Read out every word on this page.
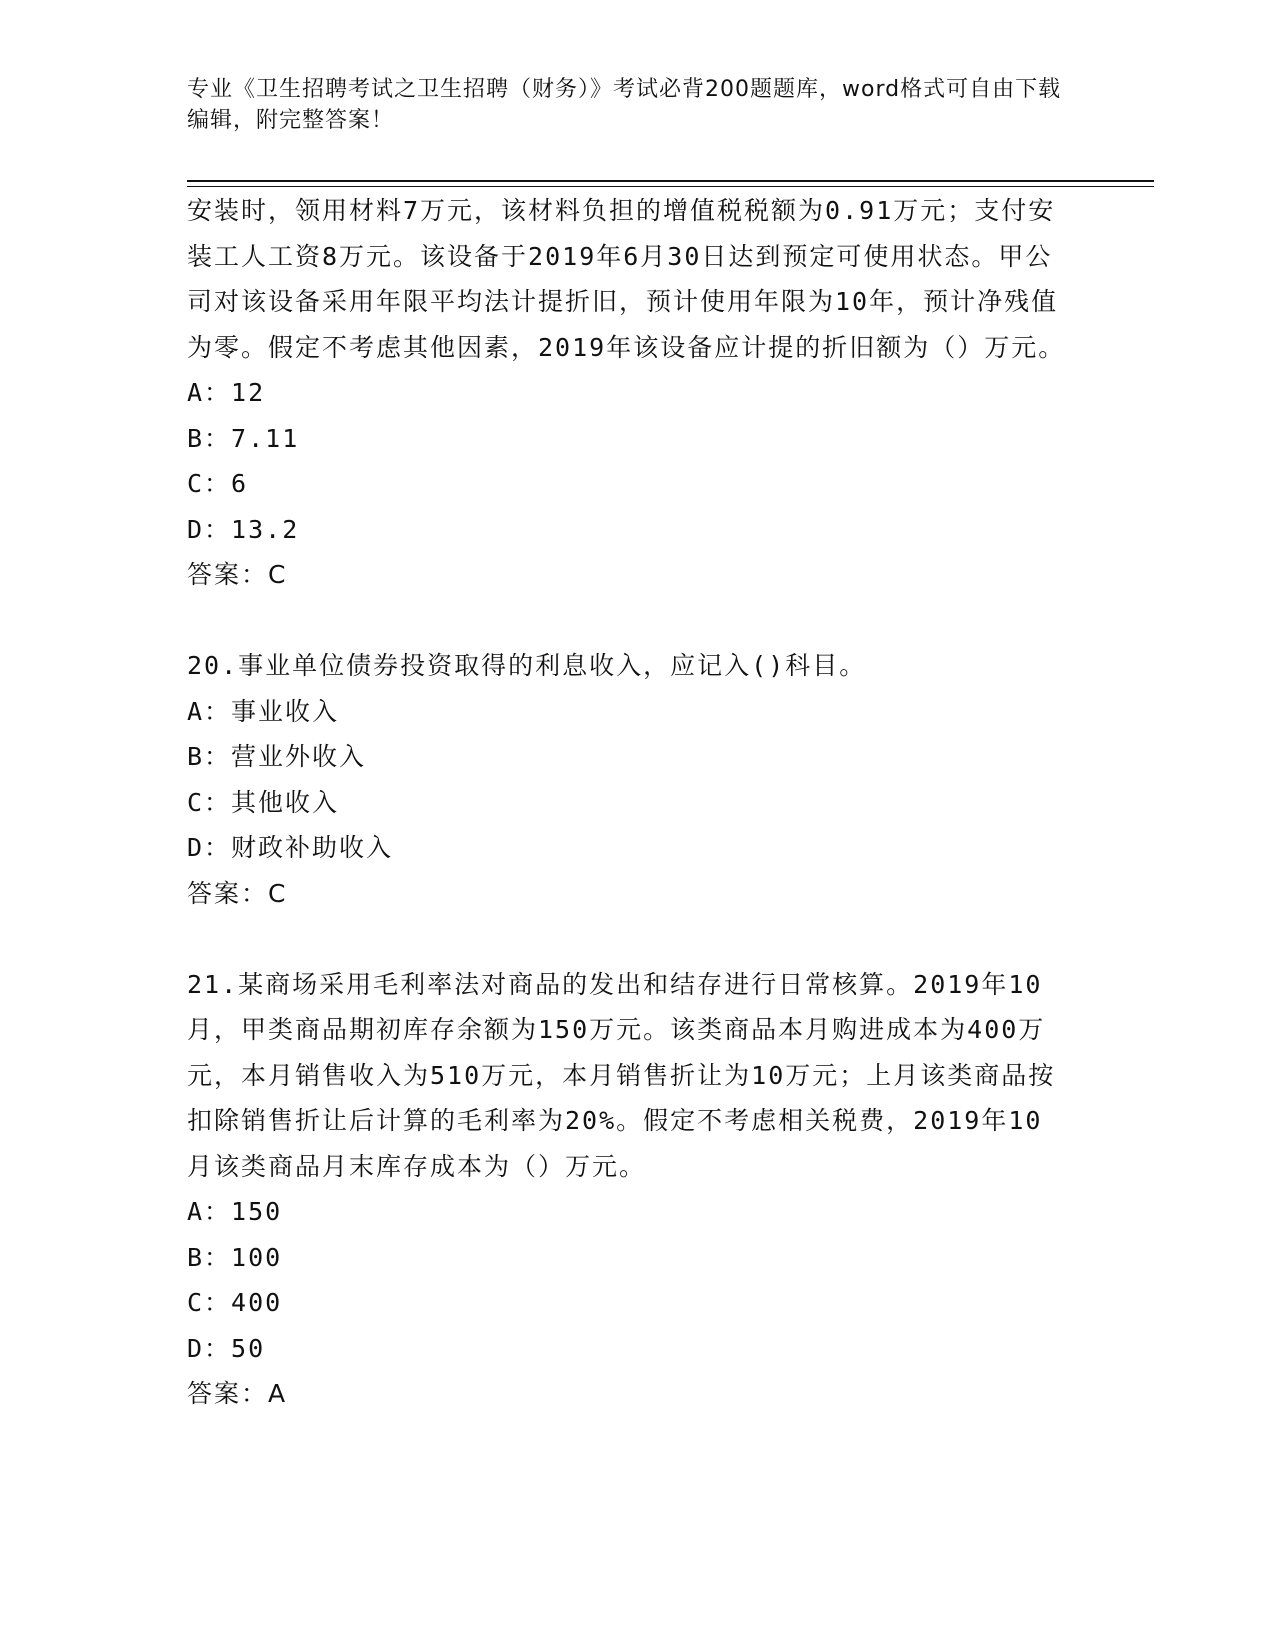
专业《卫生招聘考试之卫生招聘（财务）》考试必背200题题库，word格式可自由下载编辑，附完整答案！

安装时，领用材料7万元，该材料负担的增值税税额为0.91万元；支付安装工人工资8万元。该设备于2019年6月30日达到预定可使用状态。甲公司对该设备采用年限平均法计提折旧，预计使用年限为10年，预计净残值为零。假定不考虑其他因素，2019年该设备应计提的折旧额为（）万元。

A：12

B：7.11

C：6

D：13.2

答案：C

20.事业单位债券投资取得的利息收入，应记入()科目。

A：事业收入

B：营业外收入

C：其他收入

D：财政补助收入

答案：C

21.某商场采用毛利率法对商品的发出和结存进行日常核算。2019年10月，甲类商品期初库存余额为150万元。该类商品本月购进成本为400万元，本月销售收入为510万元，本月销售折让为10万元；上月该类商品按扣除销售折让后计算的毛利率为20%。假定不考虑相关税费，2019年10月该类商品月末库存成本为（）万元。

A：150

B：100

C：400

D：50

答案：A
